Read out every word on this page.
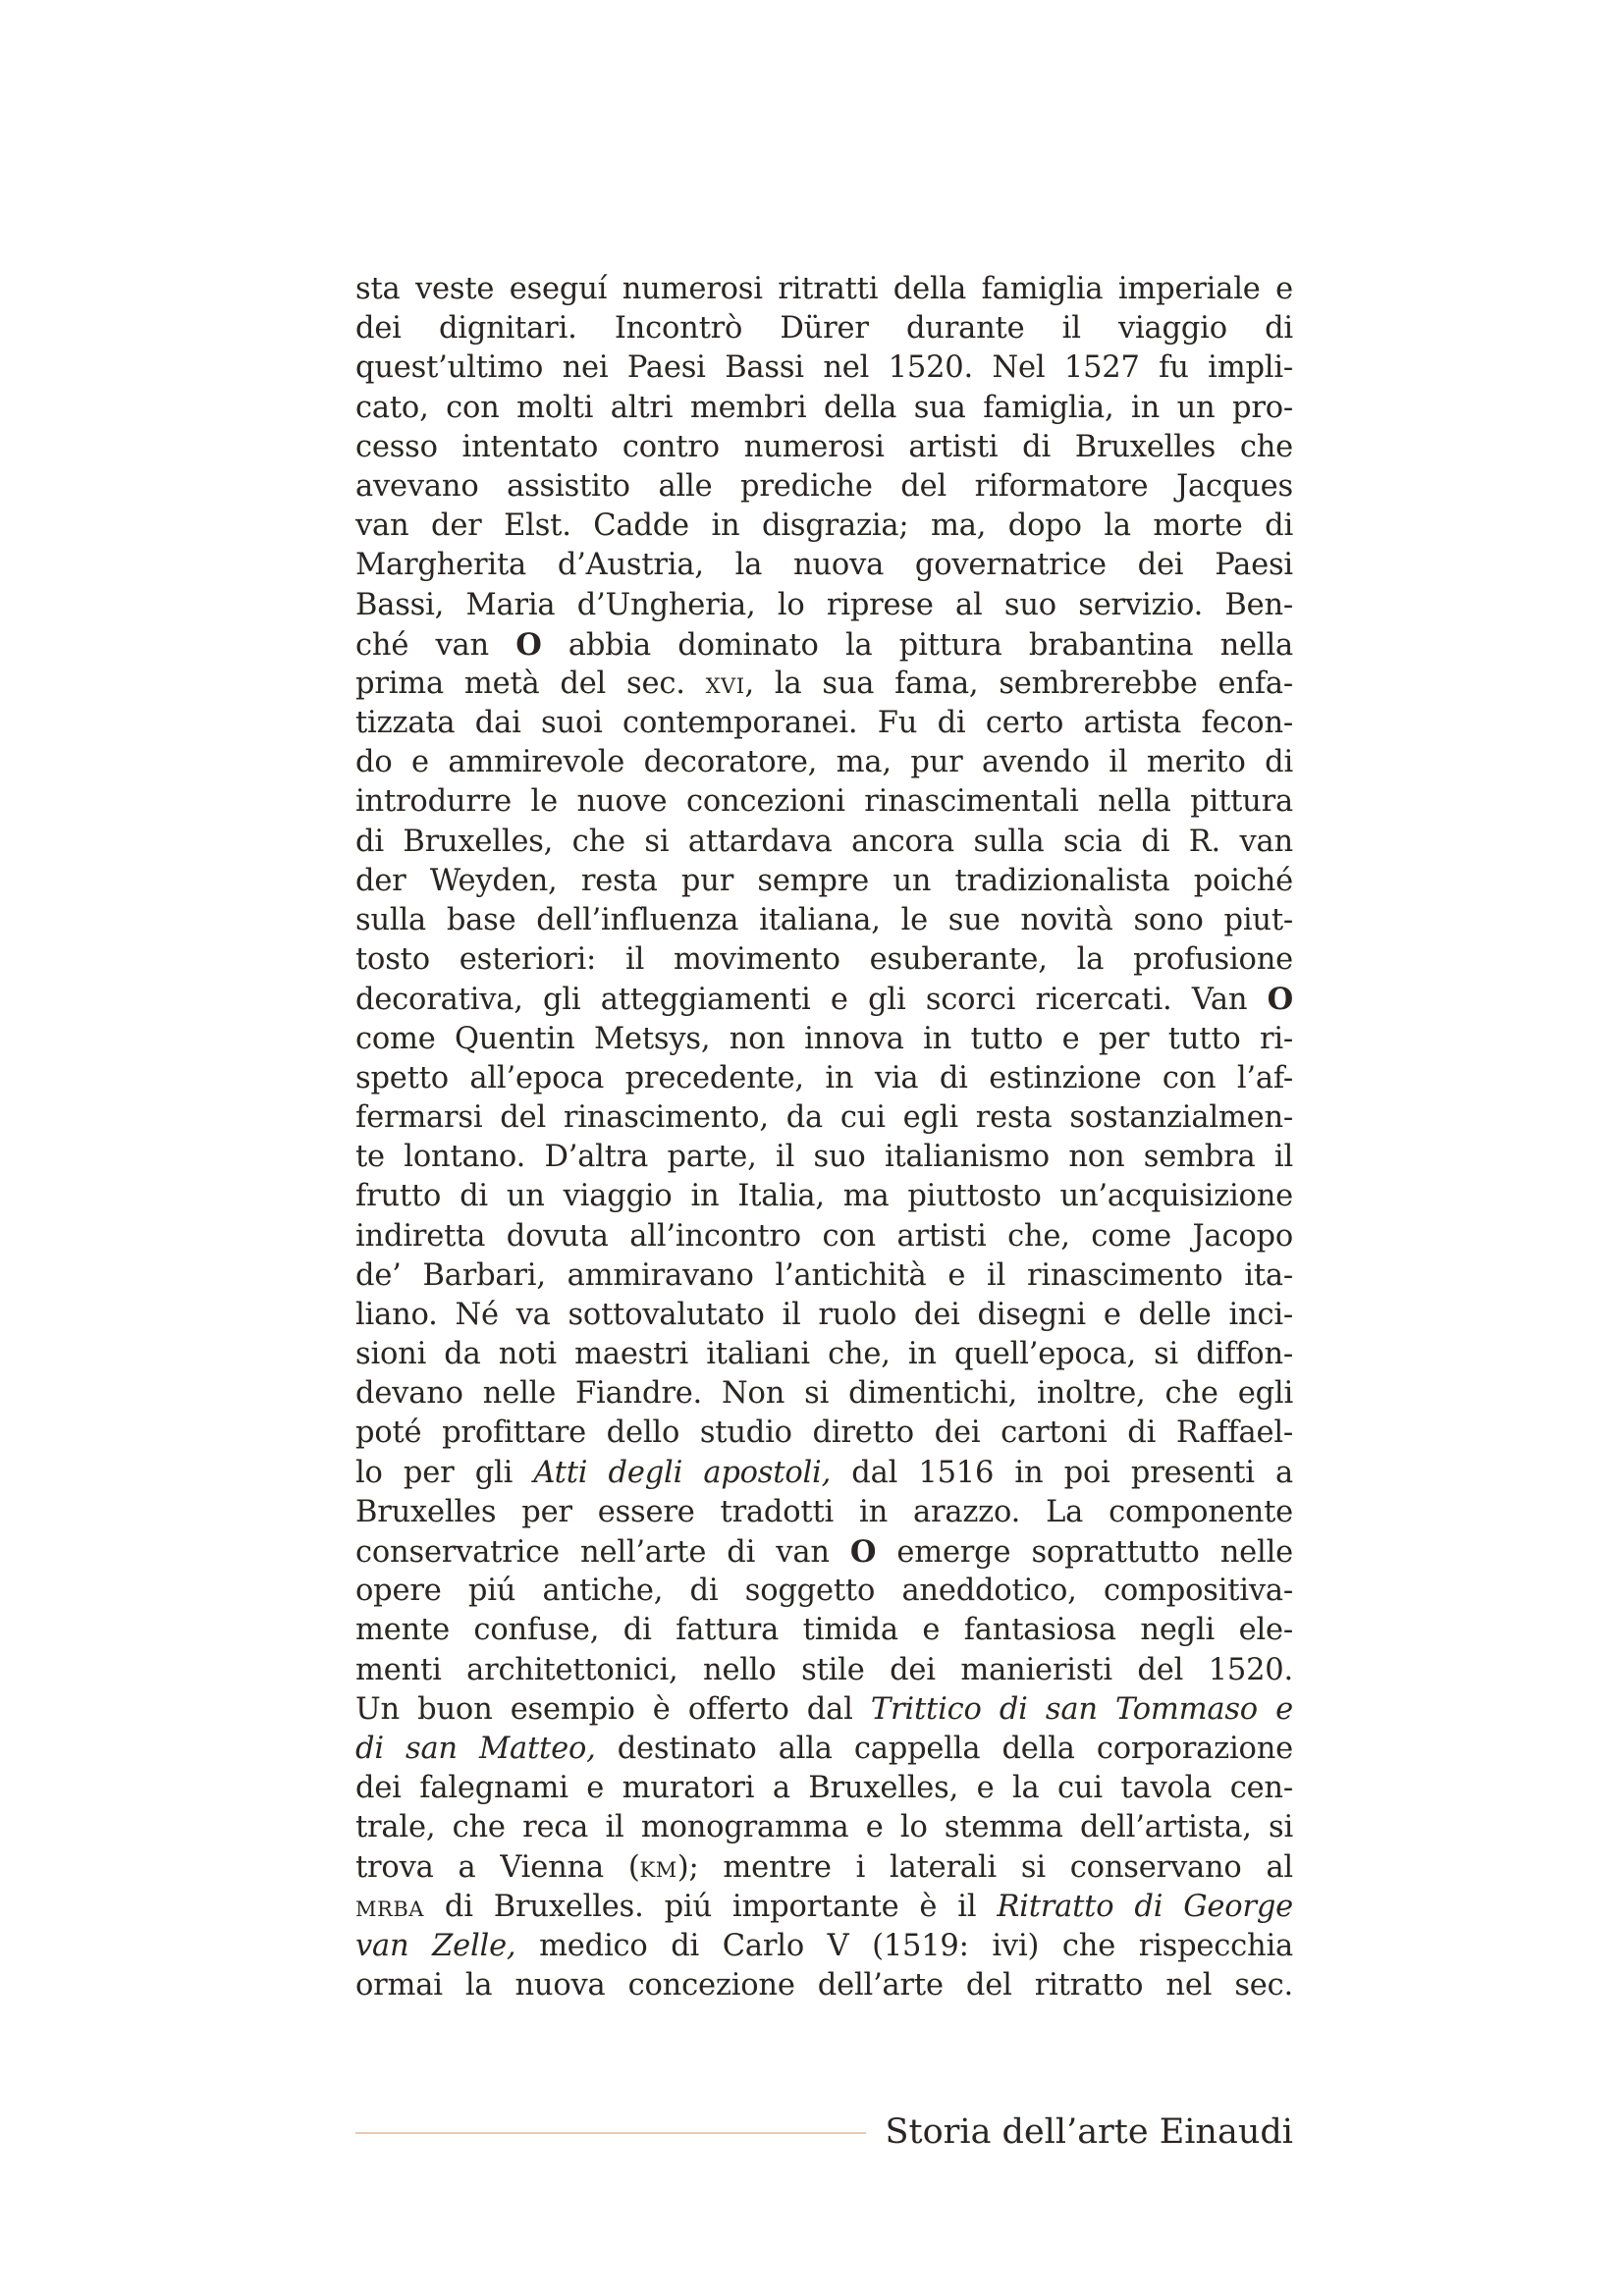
sta veste eseguí numerosi ritratti della famiglia imperiale e
dei dignitari. Incontrò Dürer durante il viaggio di
quest’ultimo nei Paesi Bassi nel 1520. Nel 1527 fu impli-
cato, con molti altri membri della sua famiglia, in un pro-
cesso intentato contro numerosi artisti di Bruxelles che
avevano assistito alle prediche del riformatore Jacques
van der Elst. Cadde in disgrazia; ma, dopo la morte di
Margherita d’Austria, la nuova governatrice dei Paesi
Bassi, Maria d’Ungheria, lo riprese al suo servizio. Ben-
ché van O abbia dominato la pittura brabantina nella
prima metà del sec. xvi, la sua fama, sembrerebbe enfa-
tizzata dai suoi contemporanei. Fu di certo artista fecon-
do e ammirevole decoratore, ma, pur avendo il merito di
introdurre le nuove concezioni rinascimentali nella pittura
di Bruxelles, che si attardava ancora sulla scia di R. van
der Weyden, resta pur sempre un tradizionalista poiché
sulla base dell’influenza italiana, le sue novità sono piut-
tosto esteriori: il movimento esuberante, la profusione
decorativa, gli atteggiamenti e gli scorci ricercati. Van O
come Quentin Metsys, non innova in tutto e per tutto ri-
spetto all’epoca precedente, in via di estinzione con l’af-
fermarsi del rinascimento, da cui egli resta sostanzialmen-
te lontano. D’altra parte, il suo italianismo non sembra il
frutto di un viaggio in Italia, ma piuttosto un’acquisizione
indiretta dovuta all’incontro con artisti che, come Jacopo
de’ Barbari, ammiravano l’antichità e il rinascimento ita-
liano. Né va sottovalutato il ruolo dei disegni e delle inci-
sioni da noti maestri italiani che, in quell’epoca, si diffon-
devano nelle Fiandre. Non si dimentichi, inoltre, che egli
poté profittare dello studio diretto dei cartoni di Raffael-
lo per gli Atti degli apostoli, dal 1516 in poi presenti a
Bruxelles per essere tradotti in arazzo. La componente
conservatrice nell’arte di van O emerge soprattutto nelle
opere piú antiche, di soggetto aneddotico, compositiva-
mente confuse, di fattura timida e fantasiosa negli ele-
menti architettonici, nello stile dei manieristi del 1520.
Un buon esempio è offerto dal Trittico di san Tommaso e
di san Matteo, destinato alla cappella della corporazione
dei falegnami e muratori a Bruxelles, e la cui tavola cen-
trale, che reca il monogramma e lo stemma dell’artista, si
trova a Vienna (km); mentre i laterali si conservano al
mrba di Bruxelles. piú importante è il Ritratto di George
van Zelle, medico di Carlo V (1519: ivi) che rispecchia
ormai la nuova concezione dell’arte del ritratto nel sec.
Storia dell’arte Einaudi
